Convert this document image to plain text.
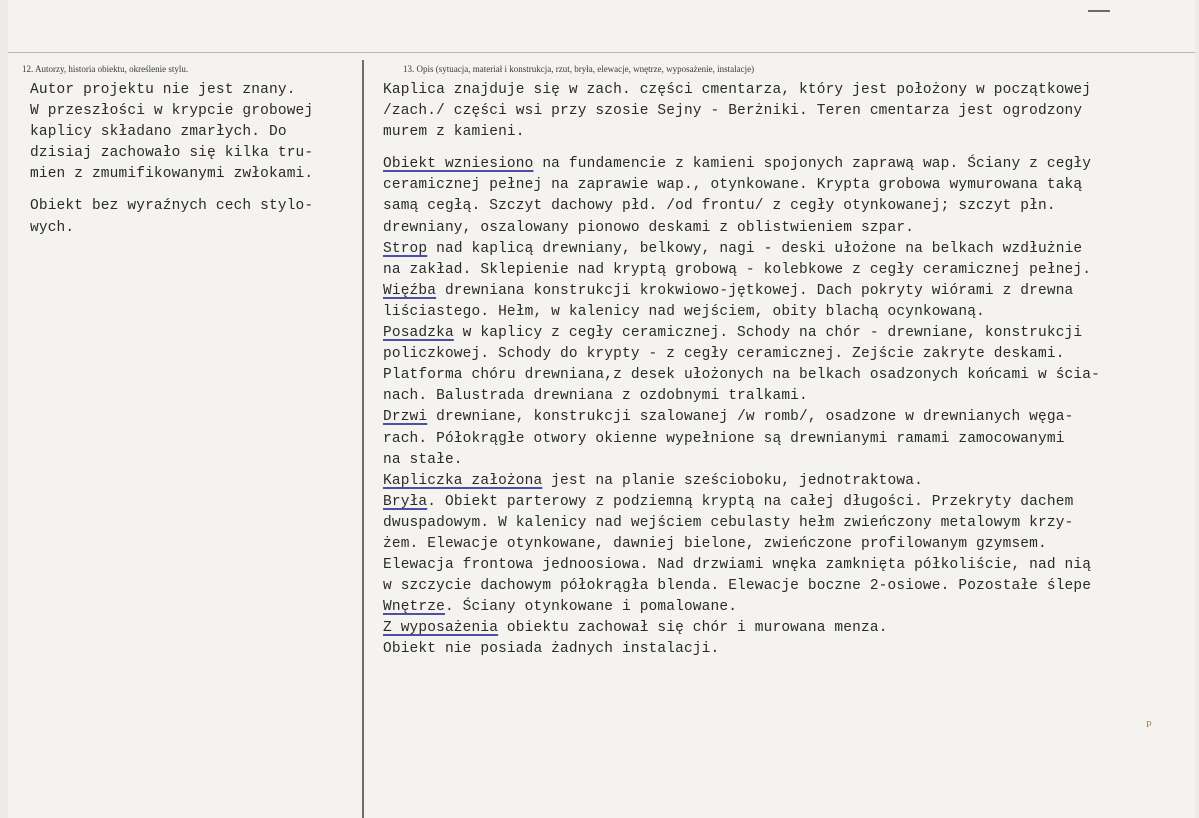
12. Autorzy, historia obiektu, określenie stylu.	13. Opis (sytuacja, materiał i konstrukcja, rzut, bryła, elewacje, wnętrze, wyposażenie, instalacje)
Autor projektu nie jest znany.
W przeszłości w krypcie grobowej
kaplicy składano zmarłych. Do
dzisiaj zachowało się kilka tru-
mien z zmumifikowanymi zwłokami.
Obiekt bez wyraźnych cech stylo-
wych.
Kaplica znajduje się w zach. części cmentarza, który jest położony w początkowej
/zach./ części wsi przy szosie Sejny - Berżniki. Teren cmentarza jest ogrodzony
murem z kamieni.
Obiekt wzniesiono na fundamencie z kamieni spojonych zaprawą wap. Ściany z cegły
ceramicznej pełnej na zaprawie wap., otynkowane. Krypta grobowa wymurowana taką
samą cegłą. Szczyt dachowy płd. /od frontu/ z cegły otynkowanej; szczyt płn.
drewniany, oszalowany pionowo deskami z oblistwieniem szpar.
Strop nad kaplicą drewniany, belkowy, nagi - deski ułożone na belkach wzdłużnie
na zakład. Sklepienie nad kryptą grobową - kolebkowe z cegły ceramicznej pełnej.
Więźba drewniana konstrukcji krokwiowo-jętkowej. Dach pokryty wiórami z drewna
liściastego. Hełm, w kalenicy nad wejściem, obity blachą ocynkowaną.
Posadzka w kaplicy z cegły ceramicznej. Schody na chór - drewniane, konstrukcji
policzkowej. Schody do krypty - z cegły ceramicznej. Zejście zakryte deskami.
Platforma chóru drewniana,z desek ułożonych na belkach osadzonych końcami w ścia-
nach. Balustrada drewniana z ozdobnymi tralkami.
Drzwi drewniane, konstrukcji szalowanej /w romb/, osadzone w drewnianych węga-
rach. Półokrągłe otwory okienne wypełnione są drewnianymi ramami zamocowanymi
na stałe.
Kapliczka założona jest na planie sześcioboku, jednotraktowa.
Bryła. Obiekt parterowy z podziemną kryptą na całej długości. Przekryty dachem
dwuspadowym. W kalenicy nad wejściem cebulasty hełm zwieńczony metalowym krzy-
żem. Elewacje otynkowane, dawniej bielone, zwieńczone profilowanym gzymsem.
Elewacja frontowa jednoosiowa. Nad drzwiami wnęka zamknięta półkoliście, nad nią
w szczycie dachowym półokrągła blenda. Elewacje boczne 2-osiowe. Pozostałe ślepe
Wnętrze. Ściany otynkowane i pomalowane.
Z wyposażenia obiektu zachował się chór i murowana menza.
Obiekt nie posiada żadnych instalacji.
ᵖ
